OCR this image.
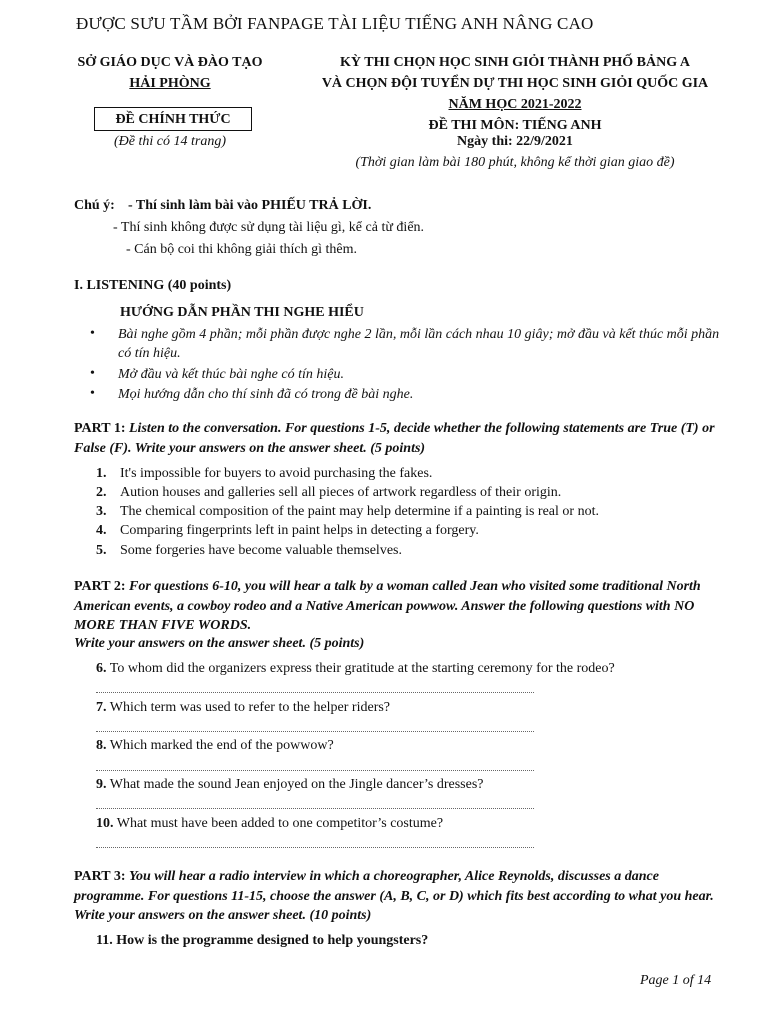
ĐƯỢC SƯU TẦM BỞI FANPAGE TÀI LIỆU TIẾNG ANH NÂNG CAO
SỞ GIÁO DỤC VÀ ĐÀO TẠO
HẢI PHÒNG
ĐỀ CHÍNH THỨC
(Đề thi có 14 trang)
KỲ THI CHỌN HỌC SINH GIỎI THÀNH PHỐ BẢNG A
VÀ CHỌN ĐỘI TUYỂN DỰ THI HỌC SINH GIỎI QUỐC GIA
NĂM HỌC 2021-2022
ĐỀ THI MÔN: TIẾNG ANH
Ngày thi: 22/9/2021
(Thời gian làm bài 180 phút, không kể thời gian giao đề)
Chú ý: - Thí sinh làm bài vào PHIẾU TRẢ LỜI.
- Thí sinh không được sử dụng tài liệu gì, kể cả từ điển.
- Cán bộ coi thi không giải thích gì thêm.
I. LISTENING (40 points)
HƯỚNG DẪN PHẦN THI NGHE HIỂU
• Bài nghe gồm 4 phần; mỗi phần được nghe 2 lần, mỗi lần cách nhau 10 giây; mở đầu và kết thúc mỗi phần có tín hiệu.
• Mở đầu và kết thúc bài nghe có tín hiệu.
• Mọi hướng dẫn cho thí sinh đã có trong đề bài nghe.
PART 1: Listen to the conversation. For questions 1-5, decide whether the following statements are True (T) or False (F). Write your answers on the answer sheet. (5 points)
1. It's impossible for buyers to avoid purchasing the fakes.
2. Aution houses and galleries sell all pieces of artwork regardless of their origin.
3. The chemical composition of the paint may help determine if a painting is real or not.
4. Comparing fingerprints left in paint helps in detecting a forgery.
5. Some forgeries have become valuable themselves.
PART 2: For questions 6-10, you will hear a talk by a woman called Jean who visited some traditional North American events, a cowboy rodeo and a Native American powwow. Answer the following questions with NO MORE THAN FIVE WORDS.
Write your answers on the answer sheet. (5 points)
6. To whom did the organizers express their gratitude at the starting ceremony for the rodeo?
7. Which term was used to refer to the helper riders?
8. Which marked the end of the powwow?
9. What made the sound Jean enjoyed on the Jingle dancer’s dresses?
10. What must have been added to one competitor’s costume?
PART 3: You will hear a radio interview in which a choreographer, Alice Reynolds, discusses a dance programme. For questions 11-15, choose the answer (A, B, C, or D) which fits best according to what you hear. Write your answers on the answer sheet. (10 points)
11. How is the programme designed to help youngsters?
Page 1 of 14
